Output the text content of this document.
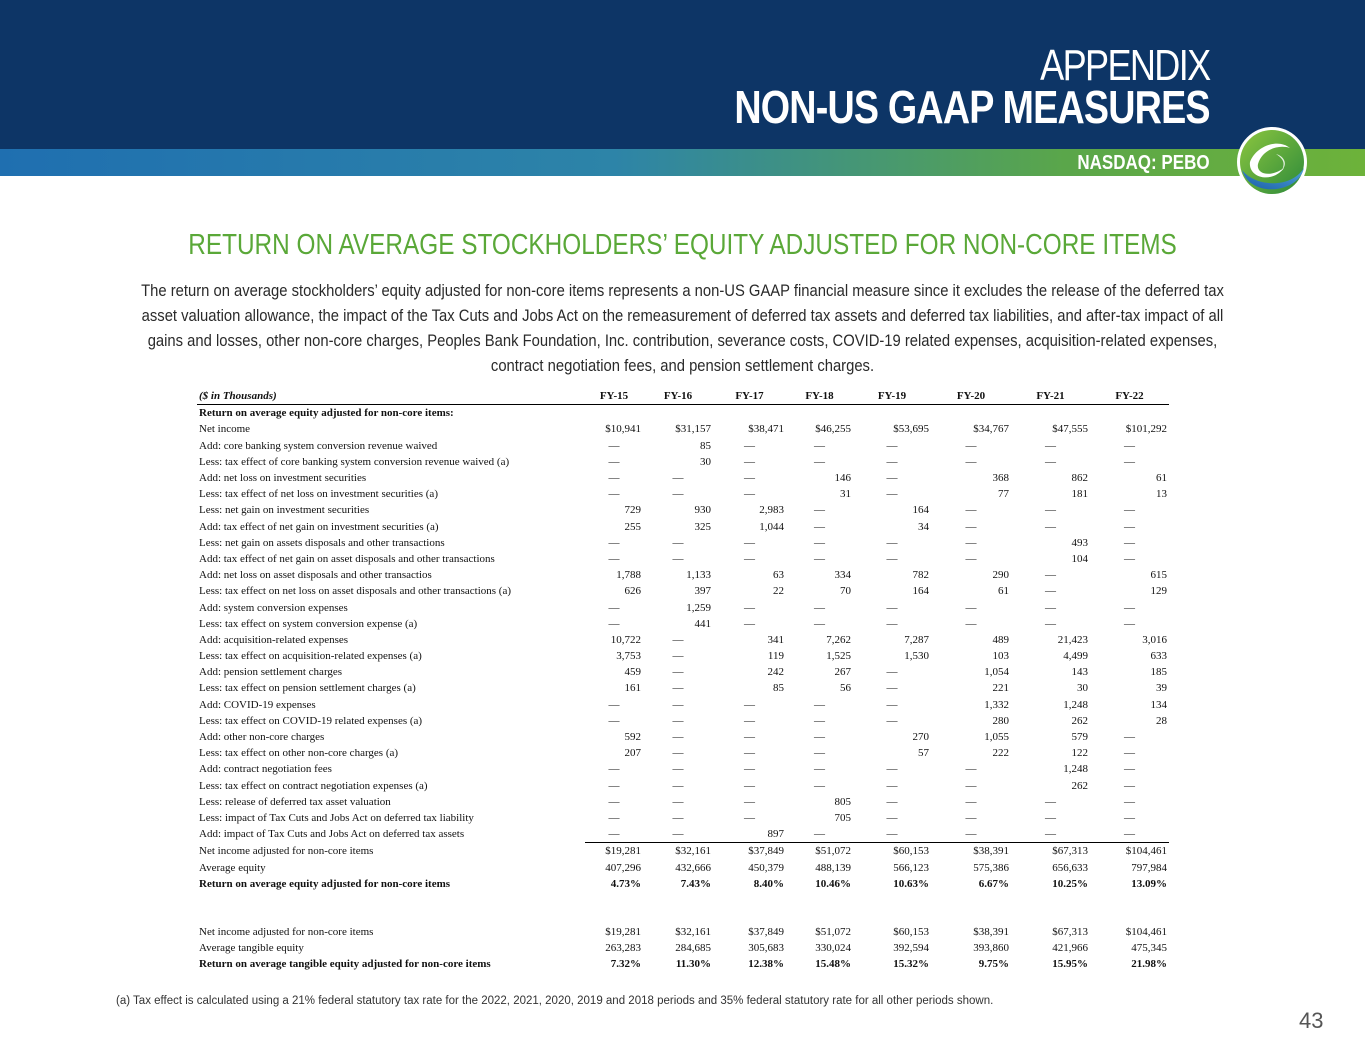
APPENDIX
NON-US GAAP MEASURES
NASDAQ: PEBO
RETURN ON AVERAGE STOCKHOLDERS’ EQUITY ADJUSTED FOR NON-CORE ITEMS
The return on average stockholders’ equity adjusted for non-core items represents a non-US GAAP financial measure since it excludes the release of the deferred tax asset valuation allowance, the impact of the Tax Cuts and Jobs Act on the remeasurement of deferred tax assets and deferred tax liabilities, and after-tax impact of all gains and losses, other non-core charges, Peoples Bank Foundation, Inc. contribution, severance costs, COVID-19 related expenses, acquisition-related expenses, contract negotiation fees, and pension settlement charges.
($ in Thousands)	FY-15	FY-16	FY-17	FY-18	FY-19	FY-20	FY-21	FY-22
Return on average equity adjusted for non-core items:								
Net income	$10,941	$31,157	$38,471	$46,255	$53,695	$34,767	$47,555	$101,292
Add: core banking system conversion revenue waived	—	85	—	—	—	—	—	—
Less: tax effect of core banking system conversion revenue waived (a)	—	30	—	—	—	—	—	—
Add: net loss on investment securities	—	—	—	146	—	368	862	61
Less: tax effect of net loss on investment securities (a)	—	—	—	31	—	77	181	13
Less: net gain on investment securities	729	930	2,983	—	164	—	—	—
Add: tax effect of net gain on investment securities (a)	255	325	1,044	—	34	—	—	—
Less: net gain on assets disposals and other transactions	—	—	—	—	—	—	493	—
Add: tax effect of net gain on asset disposals and other transactions	—	—	—	—	—	—	104	—
Add: net loss on asset disposals and other transactios	1,788	1,133	63	334	782	290	—	615
Less: tax effect on net loss on asset disposals and other transactions (a)	626	397	22	70	164	61	—	129
Add: system conversion expenses	—	1,259	—	—	—	—	—	—
Less: tax effect on system conversion expense (a)	—	441	—	—	—	—	—	—
Add: acquisition-related expenses	10,722	—	341	7,262	7,287	489	21,423	3,016
Less: tax effect on acquisition-related expenses (a)	3,753	—	119	1,525	1,530	103	4,499	633
Add: pension settlement charges	459	—	242	267	—	1,054	143	185
Less: tax effect on pension settlement charges (a)	161	—	85	56	—	221	30	39
Add: COVID-19 expenses	—	—	—	—	—	1,332	1,248	134
Less: tax effect on COVID-19 related expenses (a)	—	—	—	—	—	280	262	28
Add: other non-core charges	592	—	—	—	270	1,055	579	—
Less: tax effect on other non-core charges (a)	207	—	—	—	57	222	122	—
Add: contract negotiation fees	—	—	—	—	—	—	1,248	—
Less: tax effect on contract negotiation expenses (a)	—	—	—	—	—	—	262	—
Less: release of deferred tax asset valuation	—	—	—	805	—	—	—	—
Less: impact of Tax Cuts and Jobs Act on deferred tax liability	—	—	—	705	—	—	—	—
Add: impact of Tax Cuts and Jobs Act on deferred tax assets	—	—	897	—	—	—	—	—
Net income adjusted for non-core items	$19,281	$32,161	$37,849	$51,072	$60,153	$38,391	$67,313	$104,461
Average equity	407,296	432,666	450,379	488,139	566,123	575,386	656,633	797,984
Return on average equity adjusted for non-core items	4.73%	7.43%	8.40%	10.46%	10.63%	6.67%	10.25%	13.09%

Net income adjusted for non-core items	$19,281	$32,161	$37,849	$51,072	$60,153	$38,391	$67,313	$104,461
Average tangible equity	263,283	284,685	305,683	330,024	392,594	393,860	421,966	475,345
Return on average tangible equity adjusted for non-core items	7.32%	11.30%	12.38%	15.48%	15.32%	9.75%	15.95%	21.98%
(a) Tax effect is calculated using a 21% federal statutory tax rate for the 2022, 2021, 2020, 2019 and 2018 periods and 35% federal statutory rate for all other periods shown.
43
